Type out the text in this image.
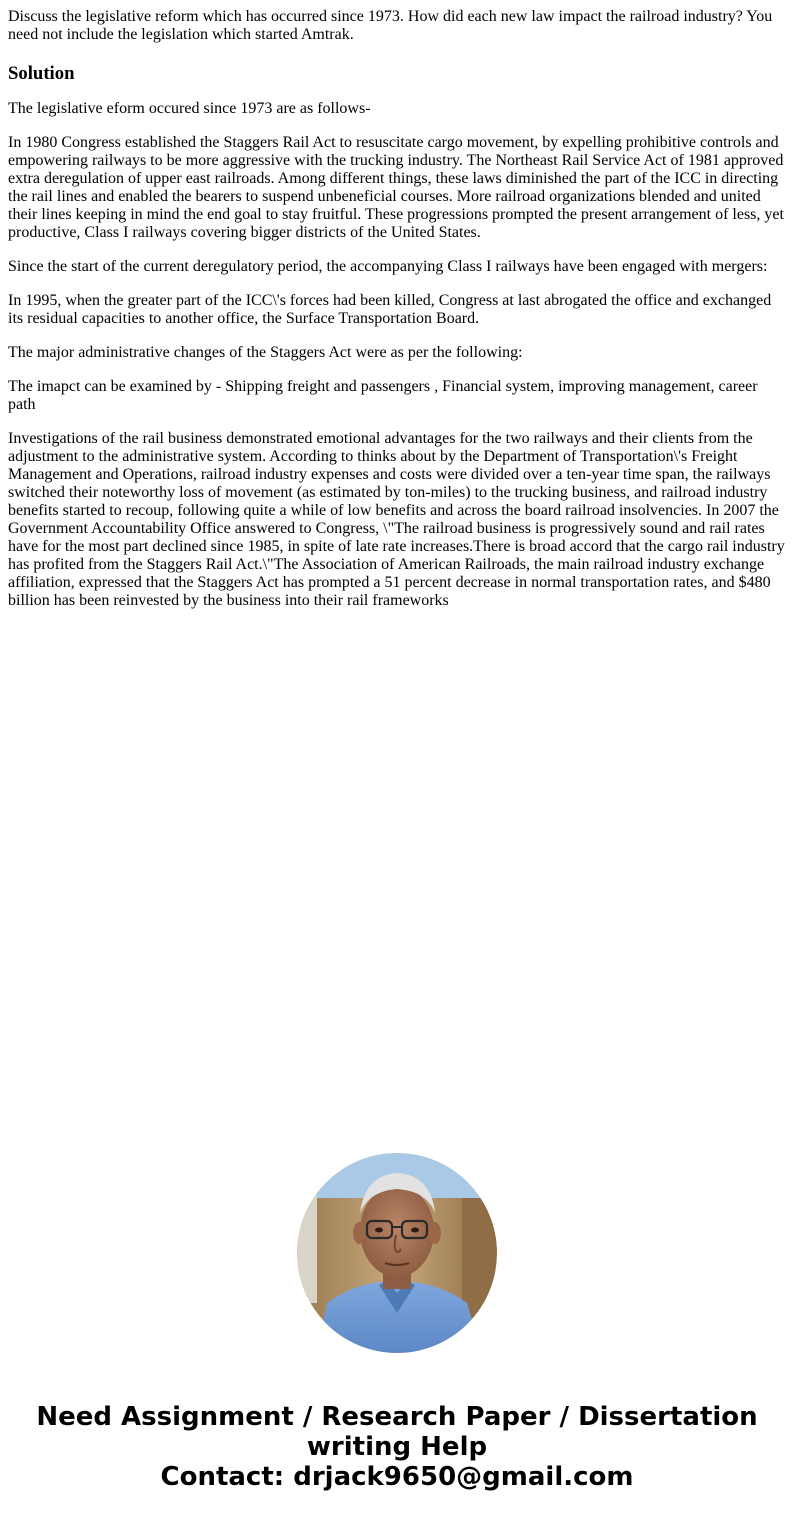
Discuss the legislative reform which has occurred since 1973. How did each new law impact the railroad industry? You need not include the legislation which started Amtrak.

Solution

The legislative eform occured since 1973 are as follows-

In 1980 Congress established the Staggers Rail Act to resuscitate cargo movement, by expelling prohibitive controls and empowering railways to be more aggressive with the trucking industry. The Northeast Rail Service Act of 1981 approved extra deregulation of upper east railroads. Among different things, these laws diminished the part of the ICC in directing the rail lines and enabled the bearers to suspend unbeneficial courses. More railroad organizations blended and united their lines keeping in mind the end goal to stay fruitful. These progressions prompted the present arrangement of less, yet productive, Class I railways covering bigger districts of the United States.

Since the start of the current deregulatory period, the accompanying Class I railways have been engaged with mergers:

In 1995, when the greater part of the ICC\'s forces had been killed, Congress at last abrogated the office and exchanged its residual capacities to another office, the Surface Transportation Board.

The major administrative changes of the Staggers Act were as per the following:

The imapct can be examined by - Shipping freight and passengers , Financial system, improving management, career path

Investigations of the rail business demonstrated emotional advantages for the two railways and their clients from the adjustment to the administrative system. According to thinks about by the Department of Transportation\'s Freight Management and Operations, railroad industry expenses and costs were divided over a ten-year time span, the railways switched their noteworthy loss of movement (as estimated by ton-miles) to the trucking business, and railroad industry benefits started to recoup, following quite a while of low benefits and across the board railroad insolvencies. In 2007 the Government Accountability Office answered to Congress, \"The railroad business is progressively sound and rail rates have for the most part declined since 1985, in spite of late rate increases.There is broad accord that the cargo rail industry has profited from the Staggers Rail Act.\"The Association of American Railroads, the main railroad industry exchange affiliation, expressed that the Staggers Act has prompted a 51 percent decrease in normal transportation rates, and $480 billion has been reinvested by the business into their rail frameworks

Need Assignment / Research Paper / Dissertation
writing Help
Contact: drjack9650@gmail.com
